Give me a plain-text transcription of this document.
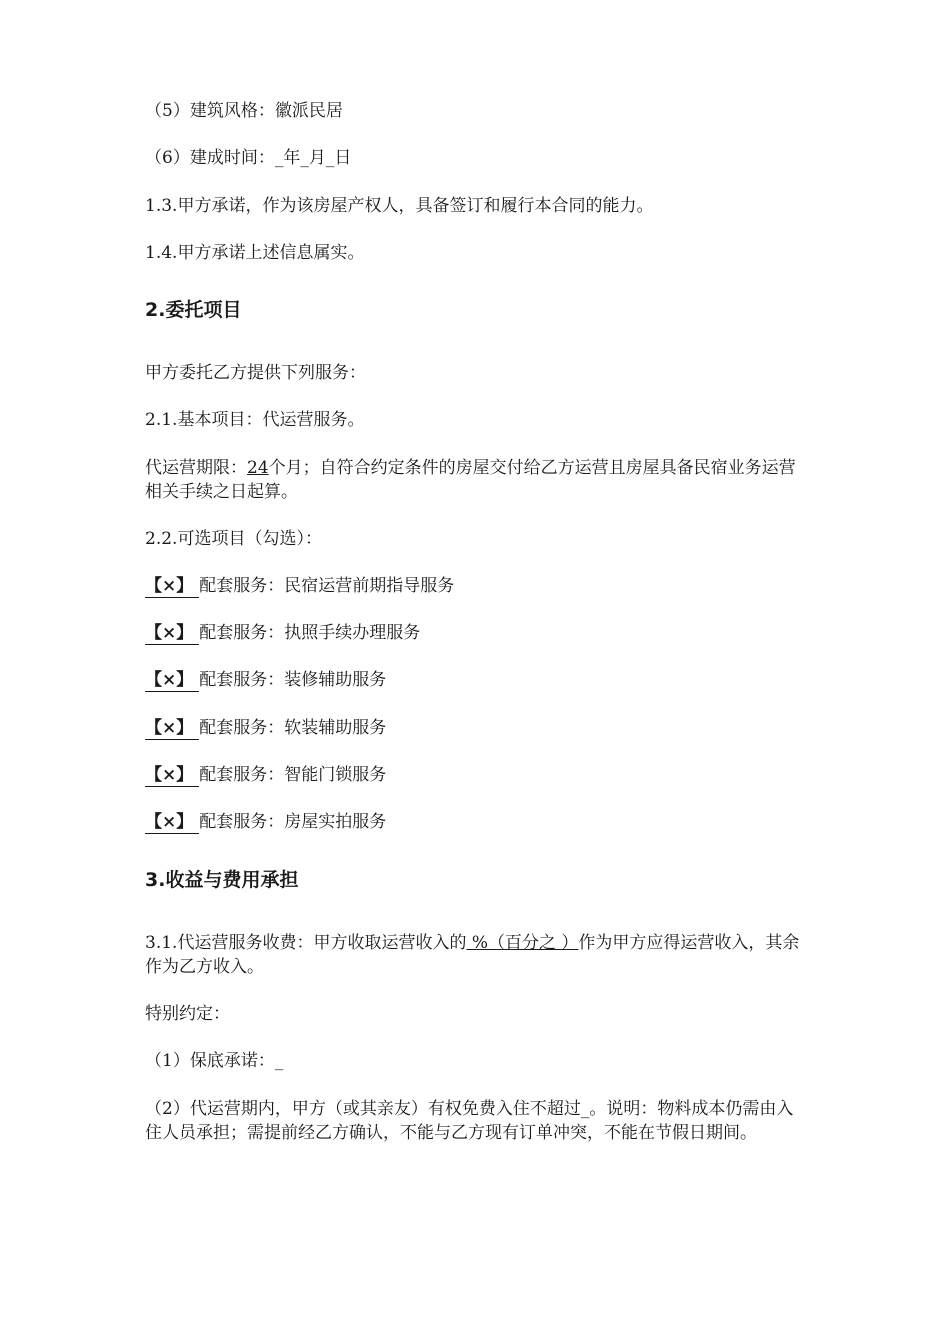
（5）建筑风格：徽派民居
（6）建成时间：_年_月_日
1.3.甲方承诺，作为该房屋产权人，具备签订和履行本合同的能力。
1.4.甲方承诺上述信息属实。
2.委托项目
甲方委托乙方提供下列服务：
2.1.基本项目：代运营服务。
代运营期限：24个月；自符合约定条件的房屋交付给乙方运营且房屋具备民宿业务运营相关手续之日起算。
2.2.可选项目（勾选）：
【×】 配套服务：民宿运营前期指导服务
【×】 配套服务：执照手续办理服务
【×】 配套服务：装修辅助服务
【×】 配套服务：软装辅助服务
【×】 配套服务：智能门锁服务
【×】 配套服务：房屋实拍服务
3.收益与费用承担
3.1.代运营服务收费：甲方收取运营收入的 %（百分之 ）作为甲方应得运营收入，其余作为乙方收入。
特别约定：
（1）保底承诺：_
（2）代运营期内，甲方（或其亲友）有权免费入住不超过_。说明：物料成本仍需由入住人员承担；需提前经乙方确认，不能与乙方现有订单冲突，不能在节假日期间。
